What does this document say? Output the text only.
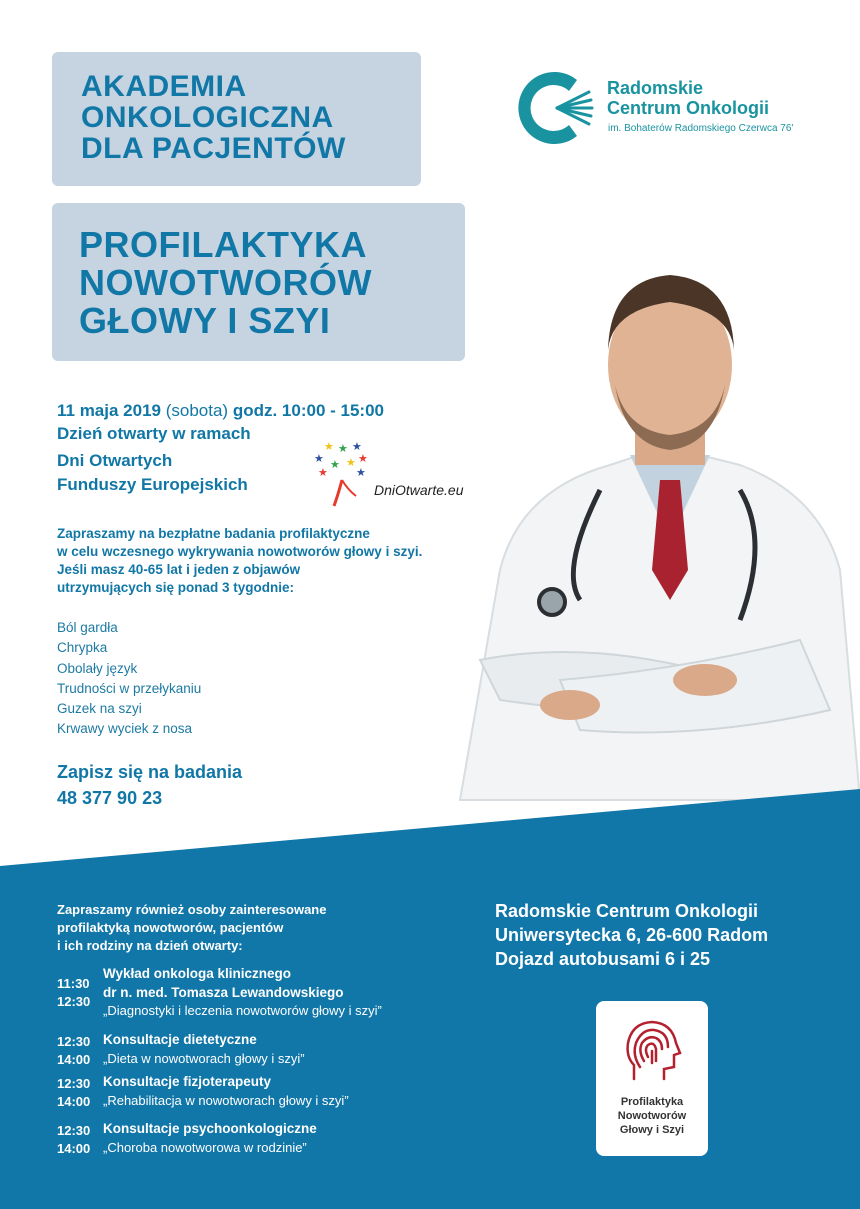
AKADEMIA
ONKOLOGICZNA
DLA PACJENTÓW
PROFILAKTYKA
NOWOTWORÓW
GŁOWY I SZYI
Radomskie
Centrum Onkologii
im. Bohaterów Radomskiego Czerwca 76'
11 maja 2019 (sobota) godz. 10:00 - 15:00
Dzień otwarty w ramach
Dni Otwartych
Funduszy Europejskich
★
★ ★ ★
★
★
★ ★
★
DniOtwarte.eu
Zapraszamy na bezpłatne badania profilaktyczne
w celu wczesnego wykrywania nowotworów głowy i szyi.
Jeśli masz 40-65 lat i jeden z objawów
utrzymujących się ponad 3 tygodnie:
Ból gardła
Chrypka
Obolały język
Trudności w przełykaniu
Guzek na szyi
Krwawy wyciek z nosa
Zapisz się na badania
48 377 90 23
Zapraszamy również osoby zainteresowane
profilaktyką nowotworów, pacjentów
i ich rodziny na dzień otwarty:
11:30
12:30
Wykład onkologa klinicznego
dr n. med. Tomasza Lewandowskiego
„Diagnostyki i leczenia nowotworów głowy i szyi”
12:30
14:00
Konsultacje dietetyczne
„Dieta w nowotworach głowy i szyi”
12:30
14:00
Konsultacje fizjoterapeuty
„Rehabilitacja w nowotworach głowy i szyi”
12:30
14:00
Konsultacje psychoonkologiczne
„Choroba nowotworowa w rodzinie”
Radomskie Centrum Onkologii
Uniwersytecka 6, 26-600 Radom
Dojazd autobusami 6 i 25
Profilaktyka
Nowotworów
Głowy i Szyi
